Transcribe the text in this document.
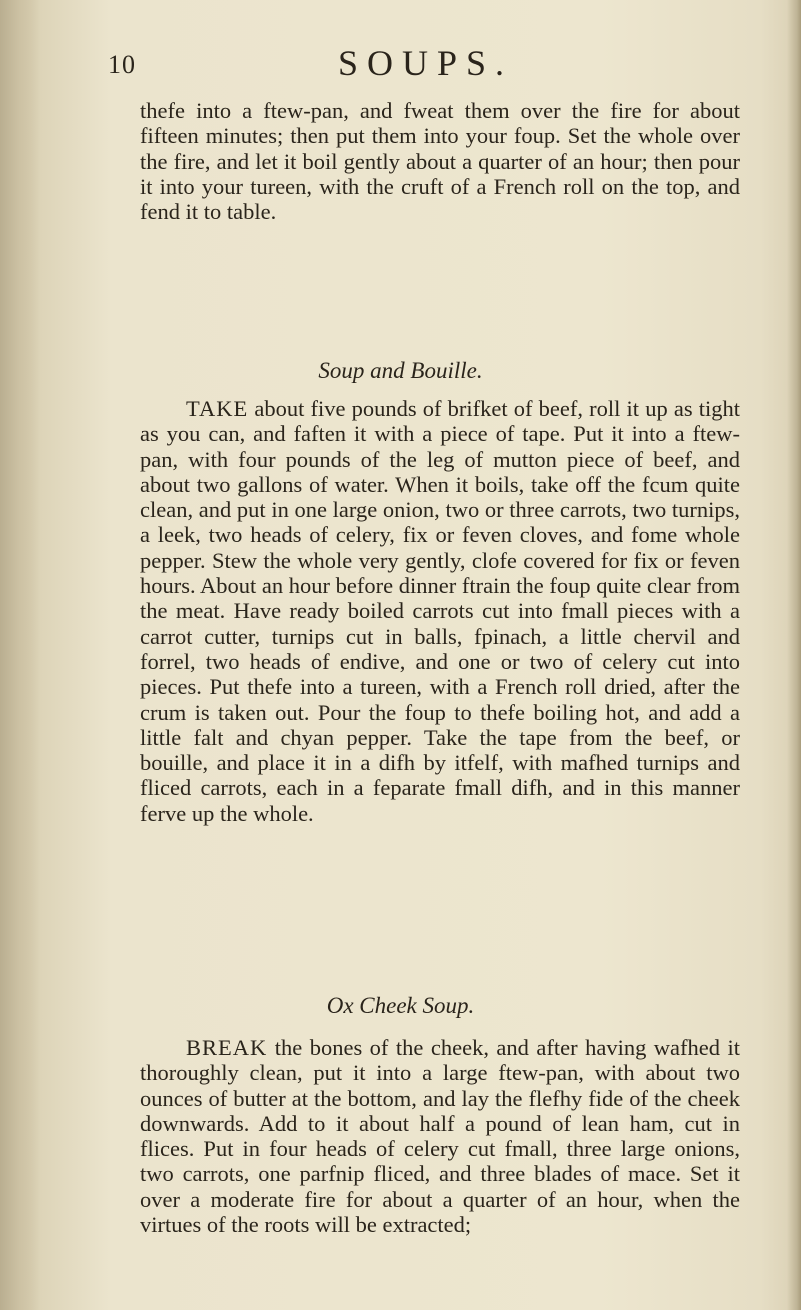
10	SOUPS.
thefe into a ftew-pan, and fweat them over the fire for about fifteen minutes; then put them into your foup. Set the whole over the fire, and let it boil gently about a quarter of an hour; then pour it into your tureen, with the cruft of a French roll on the top, and fend it to table.
Soup and Bouille.
TAKE about five pounds of brifket of beef, roll it up as tight as you can, and faften it with a piece of tape. Put it into a ftew-pan, with four pounds of the leg of mutton piece of beef, and about two gallons of water. When it boils, take off the fcum quite clean, and put in one large onion, two or three carrots, two turnips, a leek, two heads of celery, fix or feven cloves, and fome whole pepper. Stew the whole very gently, clofe covered for fix or feven hours. About an hour before dinner ftrain the foup quite clear from the meat. Have ready boiled carrots cut into fmall pieces with a carrot cutter, turnips cut in balls, fpinach, a little chervil and forrel, two heads of endive, and one or two of celery cut into pieces. Put thefe into a tureen, with a French roll dried, after the crum is taken out. Pour the foup to thefe boiling hot, and add a little falt and chyan pepper. Take the tape from the beef, or bouille, and place it in a difh by itfelf, with mafhed turnips and fliced carrots, each in a feparate fmall difh, and in this manner ferve up the whole.
Ox Cheek Soup.
BREAK the bones of the cheek, and after having wafhed it thoroughly clean, put it into a large ftew-pan, with about two ounces of butter at the bottom, and lay the flefhy fide of the cheek downwards. Add to it about half a pound of lean ham, cut in flices. Put in four heads of celery cut fmall, three large onions, two carrots, one parfnip fliced, and three blades of mace. Set it over a moderate fire for about a quarter of an hour, when the virtues of the roots will be extracted;
